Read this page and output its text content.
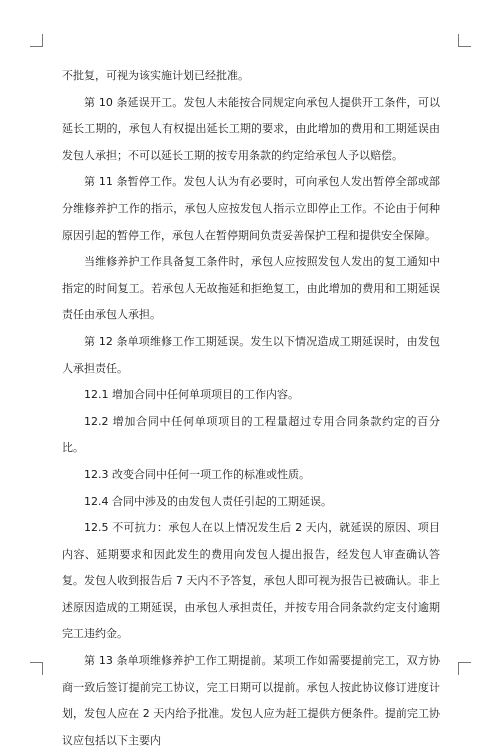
不批复，可视为该实施计划已经批准。

第 10 条延误开工。发包人未能按合同规定向承包人提供开工条件，可以延长工期的，承包人有权提出延长工期的要求，由此增加的费用和工期延误由发包人承担；不可以延长工期的按专用条款的约定给承包人予以赔偿。

第 11 条暂停工作。发包人认为有必要时，可向承包人发出暂停全部或部分维修养护工作的指示，承包人应按发包人指示立即停止工作。不论由于何种原因引起的暂停工作，承包人在暂停期间负责妥善保护工程和提供安全保障。

当维修养护工作具备复工条件时，承包人应按照发包人发出的复工通知中指定的时间复工。若承包人无故拖延和拒绝复工，由此增加的费用和工期延误责任由承包人承担。

第 12 条单项维修工作工期延误。发生以下情况造成工期延误时，由发包人承担责任。

12.1 增加合同中任何单项项目的工作内容。

12.2 增加合同中任何单项项目的工程量超过专用合同条款约定的百分比。

12.3 改变合同中任何一项工作的标准或性质。

12.4 合同中涉及的由发包人责任引起的工期延误。

12.5 不可抗力：承包人在以上情况发生后 2 天内，就延误的原因、项目内容、延期要求和因此发生的费用向发包人提出报告，经发包人审查确认答复。发包人收到报告后 7 天内不予答复，承包人即可视为报告已被确认。非上述原因造成的工期延误，由承包人承担责任，并按专用合同条款约定支付逾期完工违约金。

第 13 条单项维修养护工作工期提前。某项工作如需要提前完工，双方协商一致后签订提前完工协议，完工日期可以提前。承包人按此协议修订进度计划，发包人应在 2 天内给予批准。发包人应为赶工提供方便条件。提前完工协议应包括以下主要内
